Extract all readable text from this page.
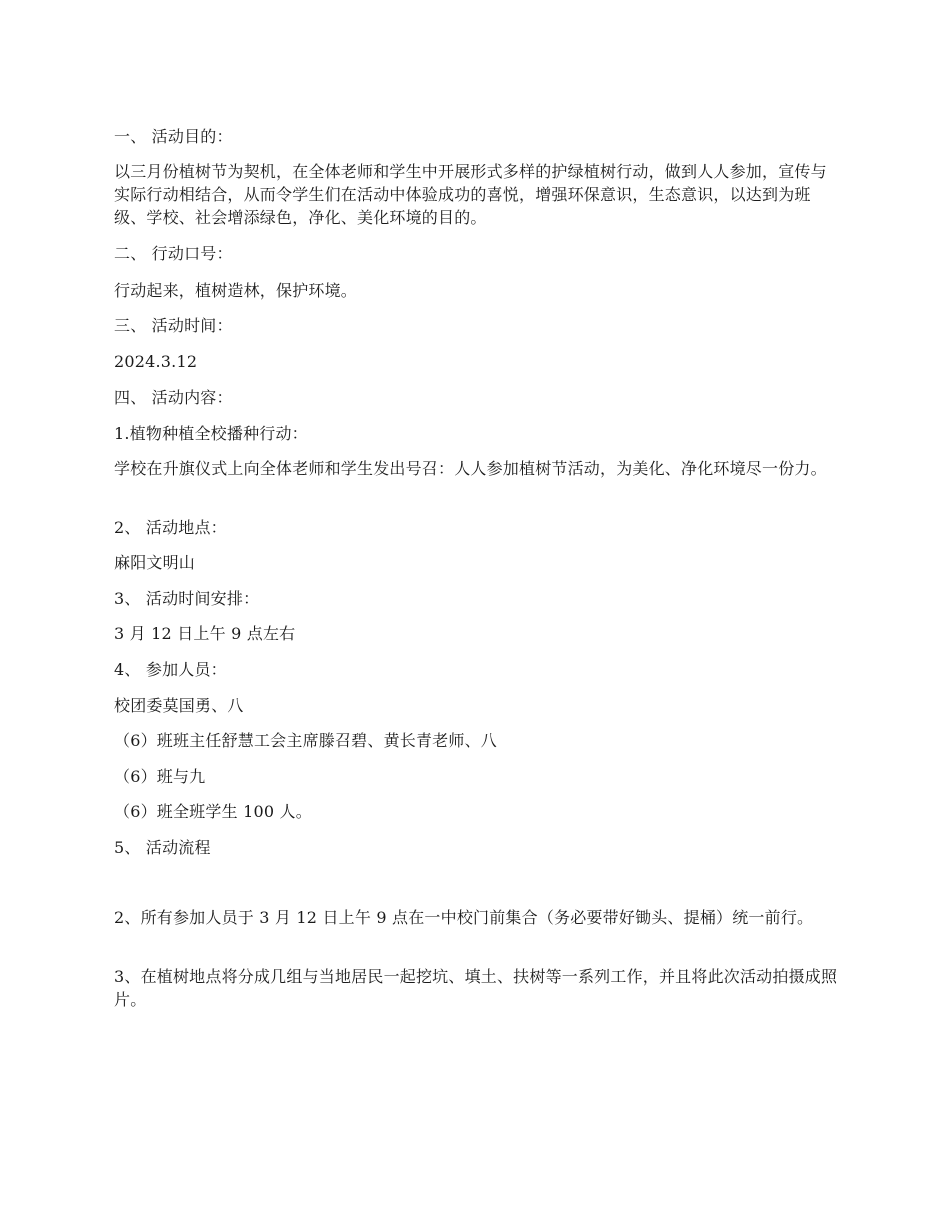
一、 活动目的：

以三月份植树节为契机，在全体老师和学生中开展形式多样的护绿植树行动，做到人人参加，宣传与实际行动相结合，从而令学生们在活动中体验成功的喜悦，增强环保意识，生态意识，以达到为班级、学校、社会增添绿色，净化、美化环境的目的。

二、 行动口号：

行动起来，植树造林，保护环境。

三、 活动时间：

2024.3.12

四、 活动内容：

1.植物种植全校播种行动：

学校在升旗仪式上向全体老师和学生发出号召：人人参加植树节活动，为美化、净化环境尽一份力。

2、 活动地点：

麻阳文明山

3、 活动时间安排：

3 月 12 日上午 9 点左右

4、 参加人员：

校团委莫国勇、八

（6）班班主任舒慧工会主席滕召碧、黄长青老师、八

（6）班与九

（6）班全班学生 100 人。

5、 活动流程

2、所有参加人员于 3 月 12 日上午 9 点在一中校门前集合（务必要带好锄头、提桶）统一前行。

3、在植树地点将分成几组与当地居民一起挖坑、填土、扶树等一系列工作，并且将此次活动拍摄成照片。
